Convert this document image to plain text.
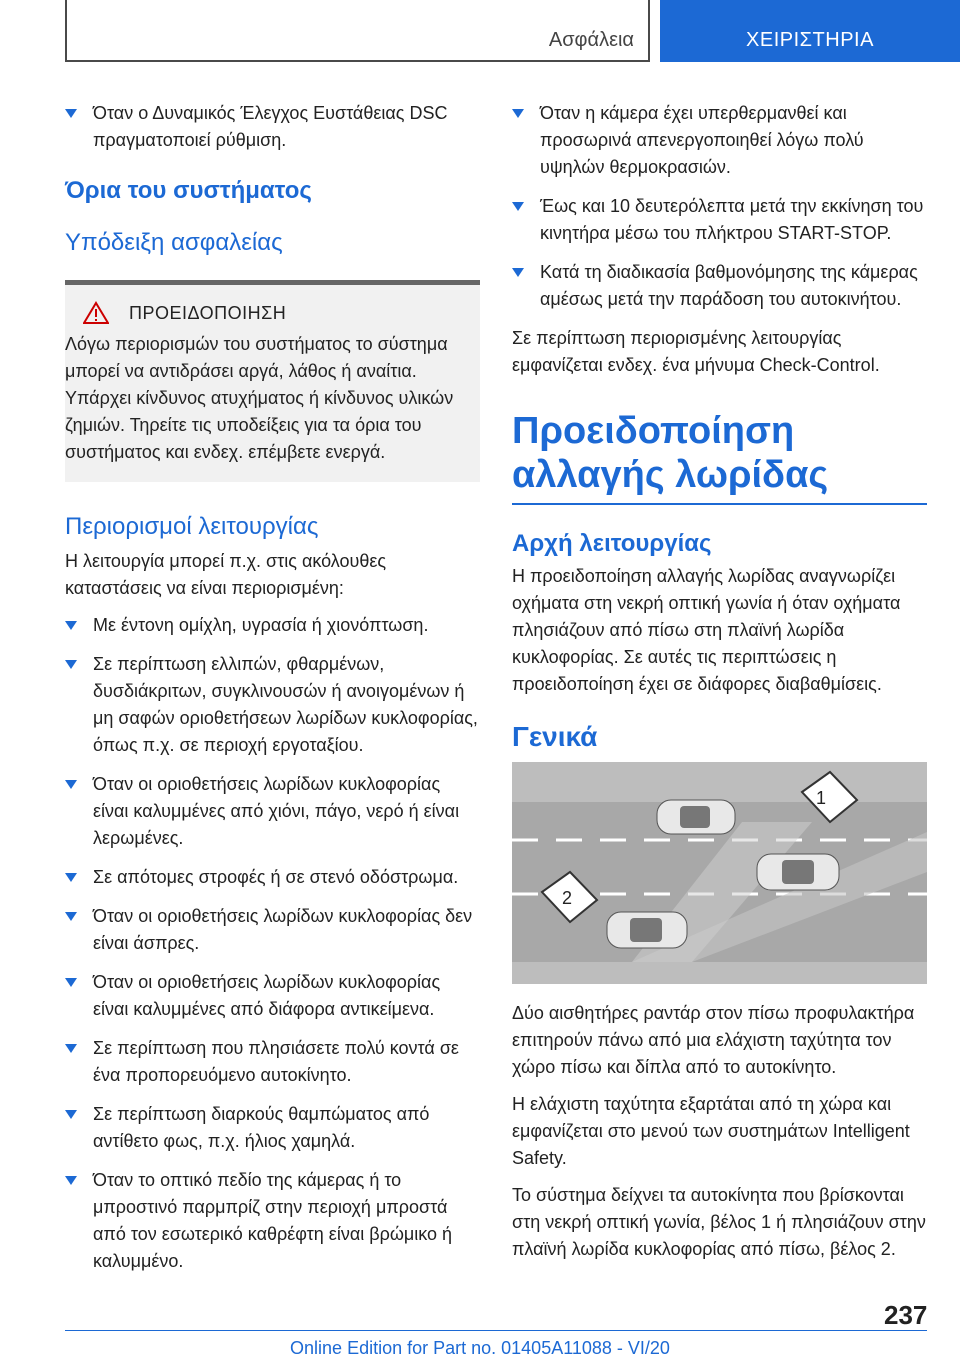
Ασφάλεια	ΧΕΙΡΙΣΤΗΡΙΑ
Όταν ο Δυναμικός Έλεγχος Ευστάθειας DSC πραγματοποιεί ρύθμιση.
Όρια του συστήματος
Υπόδειξη ασφαλείας
ΠΡΟΕΙΔΟΠΟΙΗΣΗ
Λόγω περιορισμών του συστήματος το σύστημα μπορεί να αντιδράσει αργά, λάθος ή αναίτια. Υπάρχει κίνδυνος ατυχήματος ή κίνδυνος υλικών ζημιών. Τηρείτε τις υποδείξεις για τα όρια του συστήματος και ενδεχ. επέμβετε ενεργά.
Περιορισμοί λειτουργίας

Η λειτουργία μπορεί π.χ. στις ακόλουθες καταστάσεις να είναι περιορισμένη:

Με έντονη ομίχλη, υγρασία ή χιονόπτωση.
Σε περίπτωση ελλιπών, φθαρμένων, δυσδιάκριτων, συγκλινουσών ή ανοιγομένων ή μη σαφών οριοθετήσεων λωρίδων κυκλοφορίας, όπως π.χ. σε περιοχή εργοταξίου.
Όταν οι οριοθετήσεις λωρίδων κυκλοφορίας είναι καλυμμένες από χιόνι, πάγο, νερό ή είναι λερωμένες.
Σε απότομες στροφές ή σε στενό οδόστρωμα.
Όταν οι οριοθετήσεις λωρίδων κυκλοφορίας δεν είναι άσπρες.
Όταν οι οριοθετήσεις λωρίδων κυκλοφορίας είναι καλυμμένες από διάφορα αντικείμενα.
Σε περίπτωση που πλησιάσετε πολύ κοντά σε ένα προπορευόμενο αυτοκίνητο.
Σε περίπτωση διαρκούς θαμπώματος από αντίθετο φως, π.χ. ήλιος χαμηλά.
Όταν το οπτικό πεδίο της κάμερας ή το μπροστινό παρμπρίζ στην περιοχή μπροστά από τον εσωτερικό καθρέφτη είναι βρώμικο ή καλυμμένο.
Όταν η κάμερα έχει υπερθερμανθεί και προσωρινά απενεργοποιηθεί λόγω πολύ υψηλών θερμοκρασιών.
Έως και 10 δευτερόλεπτα μετά την εκκίνηση του κινητήρα μέσω του πλήκτρου START-STOP.
Κατά τη διαδικασία βαθμονόμησης της κάμερας αμέσως μετά την παράδοση του αυτοκινήτου.

Σε περίπτωση περιορισμένης λειτουργίας εμφανίζεται ενδεχ. ένα μήνυμα Check-Control.

Προειδοποίηση αλλαγής λωρίδας
Αρχή λειτουργίας

Η προειδοποίηση αλλαγής λωρίδας αναγνωρίζει οχήματα στη νεκρή οπτική γωνία ή όταν οχήματα πλησιάζουν από πίσω στη πλαϊνή λωρίδα κυκλοφορίας. Σε αυτές τις περιπτώσεις η προειδοποίηση έχει σε διάφορες διαβαθμίσεις.

Γενικά
1
2

Δύο αισθητήρες ραντάρ στον πίσω προφυλακτήρα επιτηρούν πάνω από μια ελάχιστη ταχύτητα τον χώρο πίσω και δίπλα από το αυτοκίνητο.

Η ελάχιστη ταχύτητα εξαρτάται από τη χώρα και εμφανίζεται στο μενού των συστημάτων Intelligent Safety.

Το σύστημα δείχνει τα αυτοκίνητα που βρίσκονται στη νεκρή οπτική γωνία, βέλος 1 ή πλησιάζουν στην πλαϊνή λωρίδα κυκλοφορίας από πίσω, βέλος 2.

237
Online Edition for Part no. 01405A11088 - VI/20
